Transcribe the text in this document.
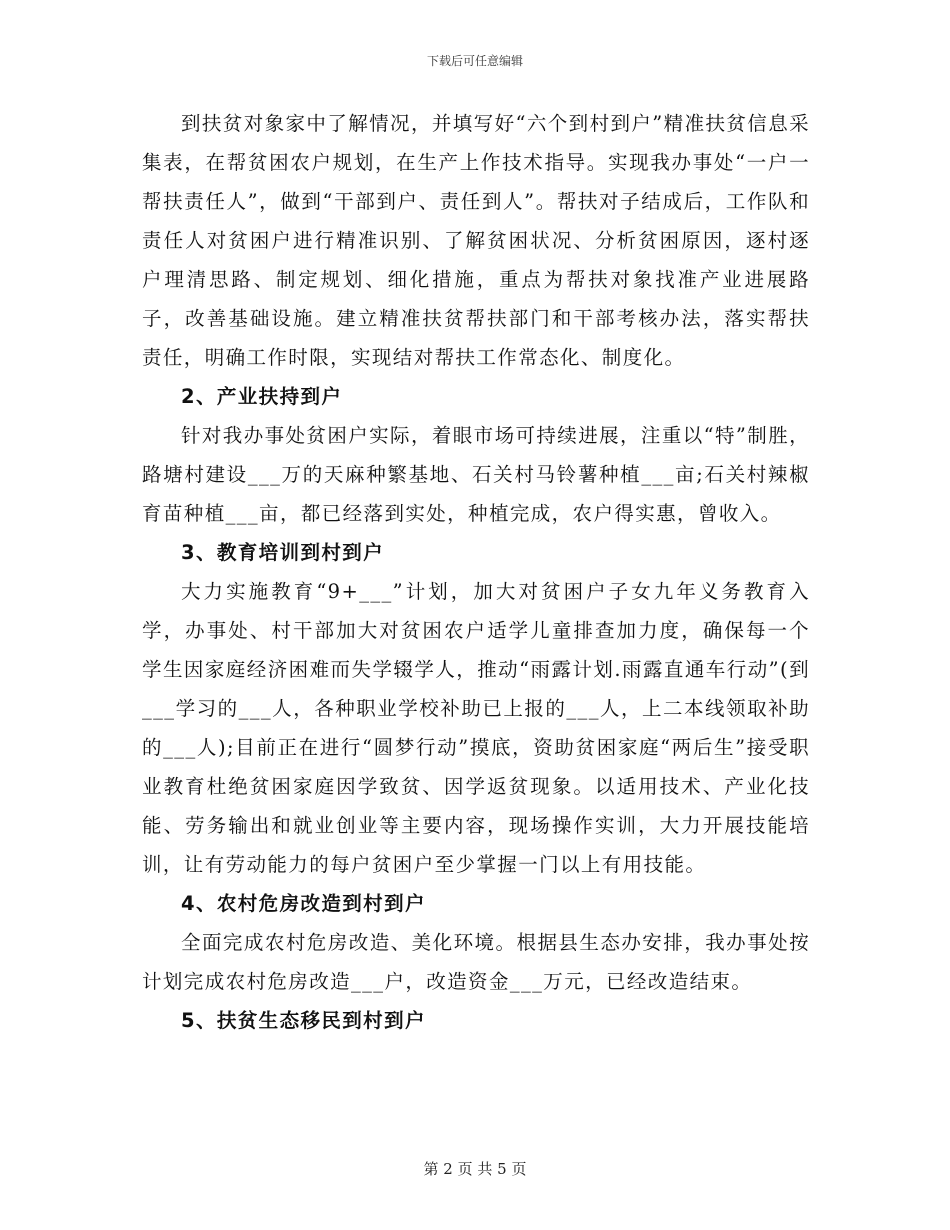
下载后可任意编辑

到扶贫对象家中了解情况，并填写好“六个到村到户”精准扶贫信息采集表，在帮贫困农户规划，在生产上作技术指导。实现我办事处“一户一帮扶责任人”，做到“干部到户、责任到人”。帮扶对子结成后，工作队和责任人对贫困户进行精准识别、了解贫困状况、分析贫困原因，逐村逐户理清思路、制定规划、细化措施，重点为帮扶对象找准产业进展路子，改善基础设施。建立精准扶贫帮扶部门和干部考核办法，落实帮扶责任，明确工作时限，实现结对帮扶工作常态化、制度化。

2、产业扶持到户

针对我办事处贫困户实际，着眼市场可持续进展，注重以“特”制胜，路塘村建设___万的天麻种繁基地、石关村马铃薯种植___亩;石关村辣椒育苗种植___亩，都已经落到实处，种植完成，农户得实惠，曾收入。

3、教育培训到村到户

大力实施教育“9+___”计划，加大对贫困户子女九年义务教育入学，办事处、村干部加大对贫困农户适学儿童排查加力度，确保每一个学生因家庭经济困难而失学辍学人，推动“雨露计划.雨露直通车行动”(到___学习的___人，各种职业学校补助已上报的___人，上二本线领取补助的___人);目前正在进行“圆梦行动”摸底，资助贫困家庭“两后生”接受职业教育杜绝贫困家庭因学致贫、因学返贫现象。以适用技术、产业化技能、劳务输出和就业创业等主要内容，现场操作实训，大力开展技能培训，让有劳动能力的每户贫困户至少掌握一门以上有用技能。

4、农村危房改造到村到户

全面完成农村危房改造、美化环境。根据县生态办安排，我办事处按计划完成农村危房改造___户，改造资金___万元，已经改造结束。

5、扶贫生态移民到村到户

第 2 页 共 5 页
